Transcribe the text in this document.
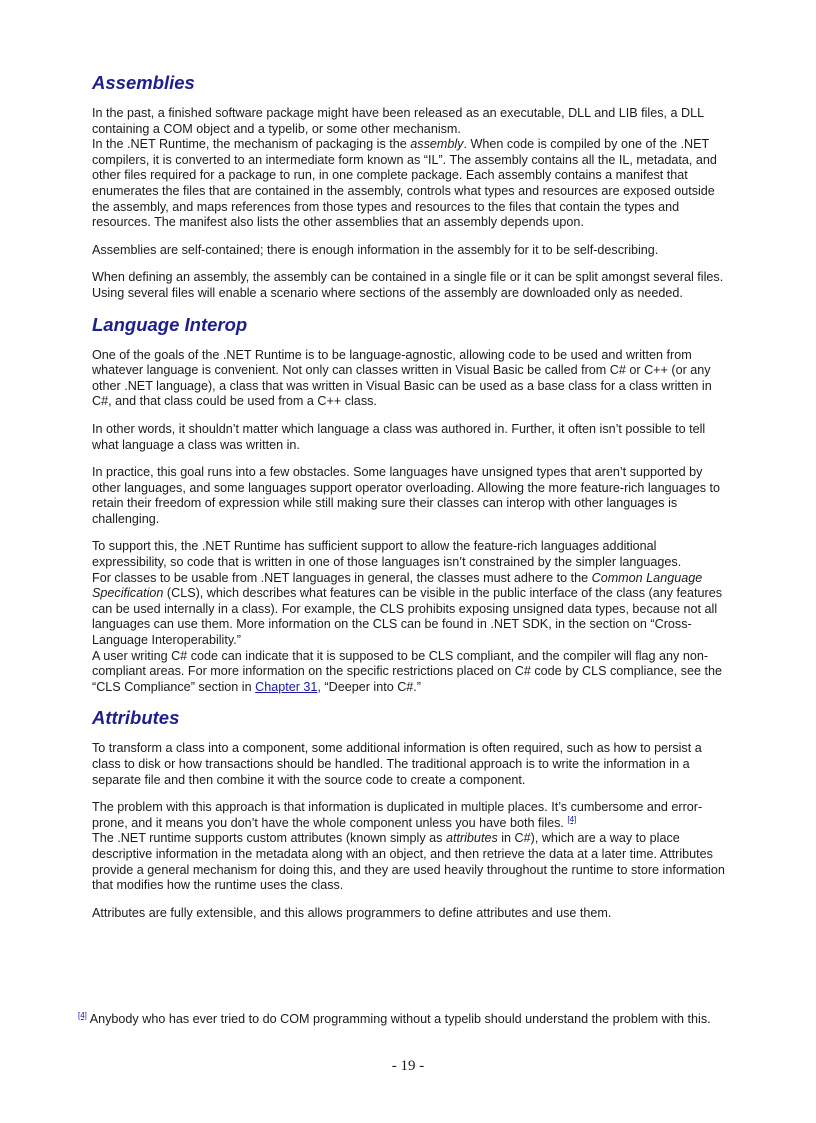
Assemblies

In the past, a finished software package might have been released as an executable, DLL and LIB files, a DLL containing a COM object and a typelib, or some other mechanism.

In the .NET Runtime, the mechanism of packaging is the assembly. When code is compiled by one of the .NET compilers, it is converted to an intermediate form known as “IL”. The assembly contains all the IL, metadata, and other files required for a package to run, in one complete package. Each assembly contains a manifest that enumerates the files that are contained in the assembly, controls what types and resources are exposed outside the assembly, and maps references from those types and resources to the files that contain the types and resources. The manifest also lists the other assemblies that an assembly depends upon.

Assemblies are self-contained; there is enough information in the assembly for it to be self-describing.

When defining an assembly, the assembly can be contained in a single file or it can be split amongst several files. Using several files will enable a scenario where sections of the assembly are downloaded only as needed.

Language Interop

One of the goals of the .NET Runtime is to be language-agnostic, allowing code to be used and written from whatever language is convenient. Not only can classes written in Visual Basic be called from C# or C++ (or any other .NET language), a class that was written in Visual Basic can be used as a base class for a class written in C#, and that class could be used from a C++ class.

In other words, it shouldn’t matter which language a class was authored in. Further, it often isn’t possible to tell what language a class was written in.

In practice, this goal runs into a few obstacles. Some languages have unsigned types that aren’t supported by other languages, and some languages support operator overloading. Allowing the more feature-rich languages to retain their freedom of expression while still making sure their classes can interop with other languages is challenging.

To support this, the .NET Runtime has sufficient support to allow the feature-rich languages additional expressibility, so code that is written in one of those languages isn’t constrained by the simpler languages.

For classes to be usable from .NET languages in general, the classes must adhere to the Common Language Specification (CLS), which describes what features can be visible in the public interface of the class (any features can be used internally in a class). For example, the CLS prohibits exposing unsigned data types, because not all languages can use them. More information on the CLS can be found in .NET SDK, in the section on “Cross-Language Interoperability.”

A user writing C# code can indicate that it is supposed to be CLS compliant, and the compiler will flag any non-compliant areas. For more information on the specific restrictions placed on C# code by CLS compliance, see the “CLS Compliance” section in Chapter 31, “Deeper into C#.”

Attributes

To transform a class into a component, some additional information is often required, such as how to persist a class to disk or how transactions should be handled. The traditional approach is to write the information in a separate file and then combine it with the source code to create a component.

The problem with this approach is that information is duplicated in multiple places. It’s cumbersome and error-prone, and it means you don’t have the whole component unless you have both files. [4]

The .NET runtime supports custom attributes (known simply as attributes in C#), which are a way to place descriptive information in the metadata along with an object, and then retrieve the data at a later time. Attributes provide a general mechanism for doing this, and they are used heavily throughout the runtime to store information that modifies how the runtime uses the class.

Attributes are fully extensible, and this allows programmers to define attributes and use them.

[4] Anybody who has ever tried to do COM programming without a typelib should understand the problem with this.
- 19 -
